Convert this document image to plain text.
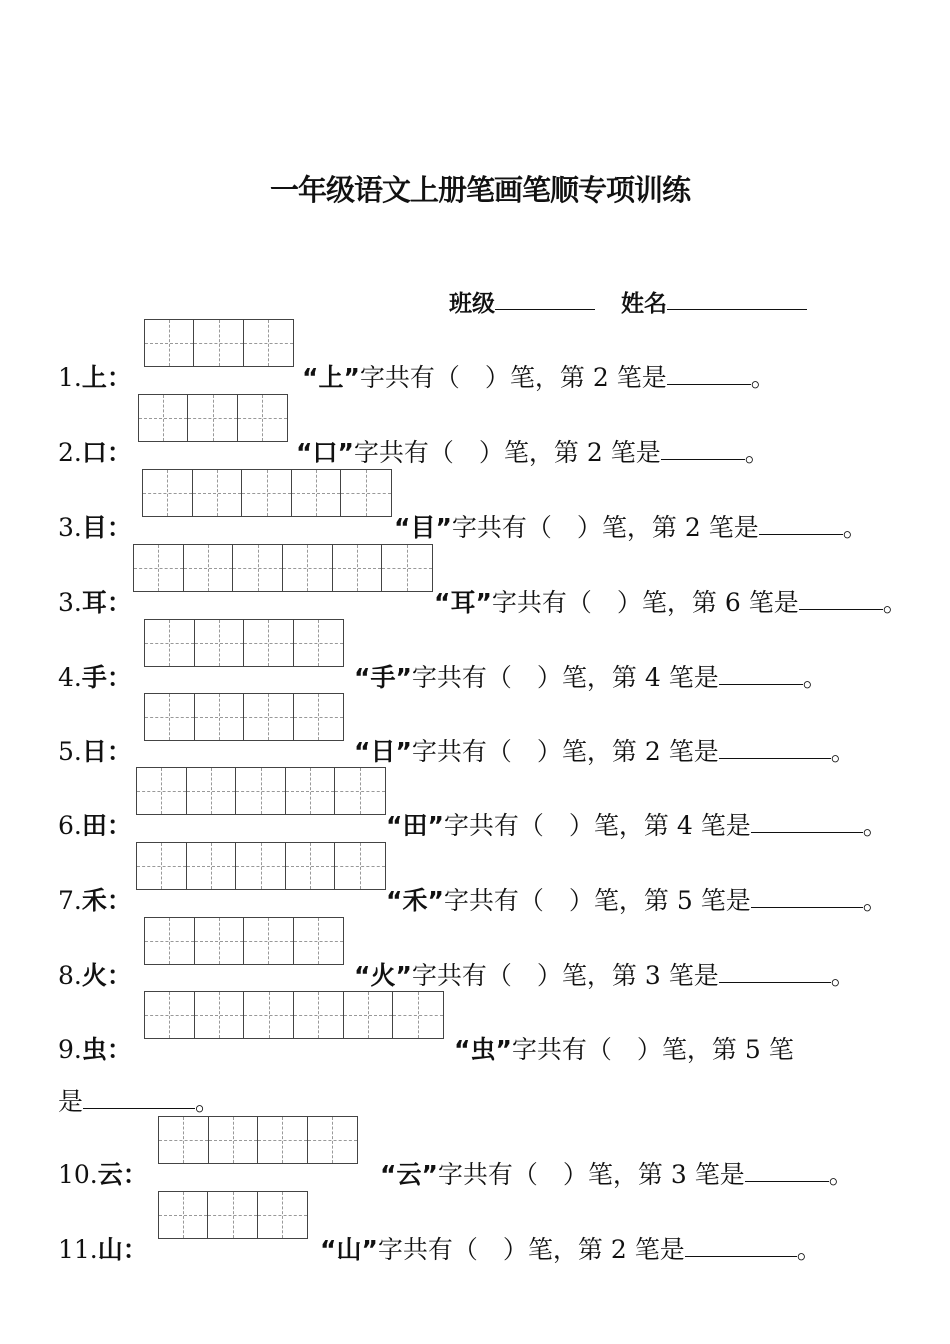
一年级语文上册笔画笔顺专项训练
班级	姓名
1.上：	“上”字共有（　）笔，第 2 笔是	。
2.口：	“口”字共有（　）笔，第 2 笔是	。
3.目：	“目”字共有（　）笔，第 2 笔是	。
3.耳：	“耳”字共有（　）笔，第 6 笔是	。
4.手：	“手”字共有（　）笔，第 4 笔是	。
5.日：	“日”字共有（　）笔，第 2 笔是	。
6.田：	“田”字共有（　）笔，第 4 笔是	。
7.禾：	“禾”字共有（　）笔，第 5 笔是	。
8.火：	“火”字共有（　）笔，第 3 笔是	。
9.虫：	“虫”字共有（　）笔，第 5 笔
是	。
10.云：	“云”字共有（　）笔，第 3 笔是	。
11.山：	“山”字共有（　）笔，第 2 笔是	。
